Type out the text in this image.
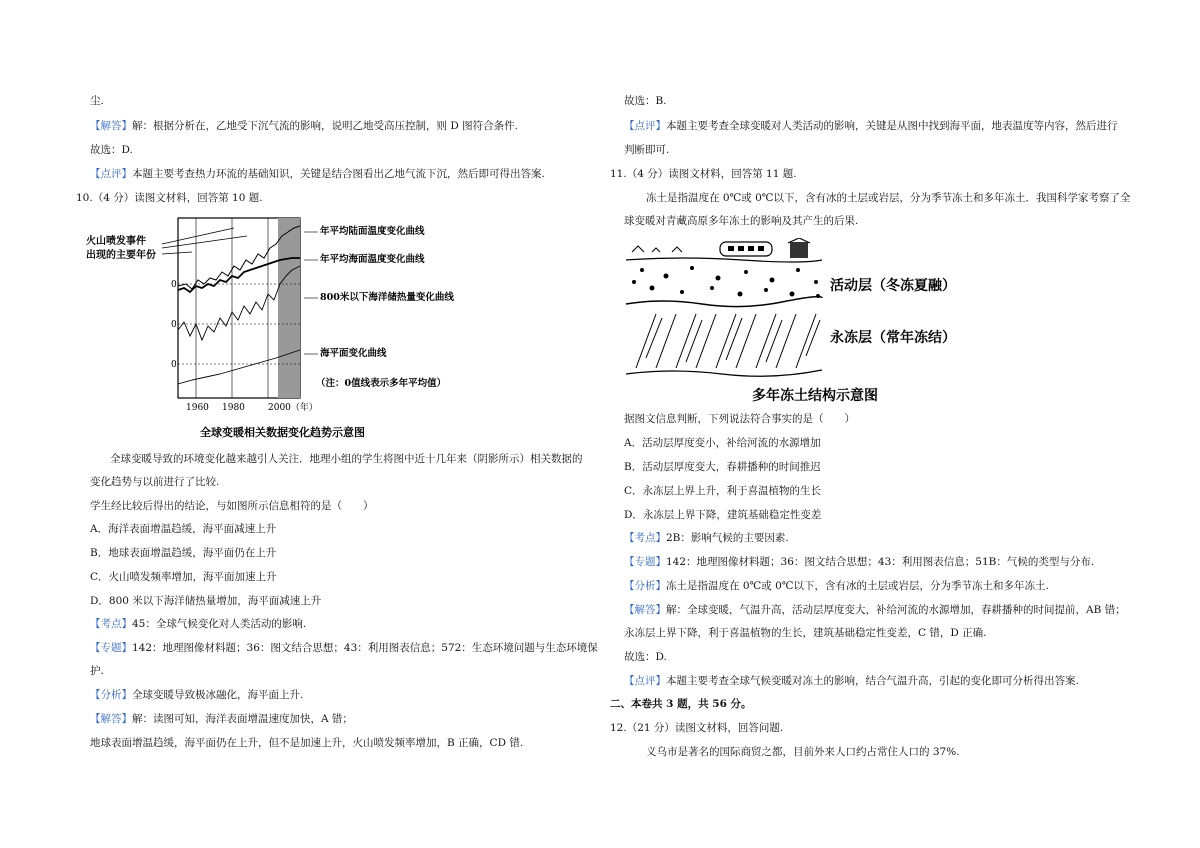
尘.
【解答】解：根据分析在，乙地受下沉气流的影响，说明乙地受高压控制，则 D 图符合条件.
故选：D.
【点评】本题主要考查热力环流的基础知识，关键是结合图看出乙地气流下沉，然后即可得出答案.
10.（4 分）读图文材料，回答第 10 题.
火山喷发事件
出现的主要年份
年平均陆面温度变化曲线
年平均海面温度变化曲线
800米以下海洋储热量变化曲线
海平面变化曲线
（注：0值线表示多年平均值）
0
0
0
1960 1980	2000（年）
全球变暖相关数据变化趋势示意图
全球变暖导致的环境变化越来越引人关注．地理小组的学生将图中近十几年来（阴影所示）相关数据的
变化趋势与以前进行了比较.
学生经比较后得出的结论，与如图所示信息相符的是（　　）
A．海洋表面增温趋缓，海平面减速上升
B．地球表面增温趋缓，海平面仍在上升
C．火山喷发频率增加，海平面加速上升
D．800 米以下海洋储热量增加，海平面减速上升
【考点】45：全球气候变化对人类活动的影响.
【专题】142：地理图像材料题；36：图文结合思想；43：利用图表信息；572：生态环境问题与生态环境保
护.
【分析】全球变暖导致极冰融化，海平面上升.
【解答】解：读图可知，海洋表面增温速度加快，A 错；
地球表面增温趋缓，海平面仍在上升，但不是加速上升，火山喷发频率增加，B 正确，CD 错.
故选：B.
【点评】本题主要考查全球变暖对人类活动的影响，关键是从图中找到海平面，地表温度等内容，然后进行
判断即可.
11.（4 分）读图文材料，回答第 11 题.
冻土是指温度在 0℃或 0℃以下，含有冰的土层或岩层，分为季节冻土和多年冻土．我国科学家考察了全
球变暖对青藏高原多年冻土的影响及其产生的后果.
活动层（冬冻夏融）
永冻层（常年冻结）
多年冻土结构示意图
据图文信息判断，下列说法符合事实的是（　　）
A．活动层厚度变小，补给河流的水源增加
B．活动层厚度变大，春耕播种的时间推迟
C．永冻层上界上升，利于喜温植物的生长
D．永冻层上界下降，建筑基础稳定性变差
【考点】2B：影响气候的主要因素.
【专题】142：地理图像材料题；36：图文结合思想；43：利用图表信息；51B：气候的类型与分布.
【分析】冻土是指温度在 0℃或 0℃以下，含有冰的土层或岩层，分为季节冻土和多年冻土.
【解答】解：全球变暖，气温升高，活动层厚度变大，补给河流的水源增加，春耕播种的时间提前，AB 错；
永冻层上界下降，利于喜温植物的生长，建筑基础稳定性变差，C 错，D 正确.
故选：D.
【点评】本题主要考查全球气候变暖对冻土的影响，结合气温升高，引起的变化即可分析得出答案.
二、本卷共 3 题，共 56 分。
12.（21 分）读图文材料，回答问题.
义乌市是著名的国际商贸之都，目前外来人口约占常住人口的 37%.
